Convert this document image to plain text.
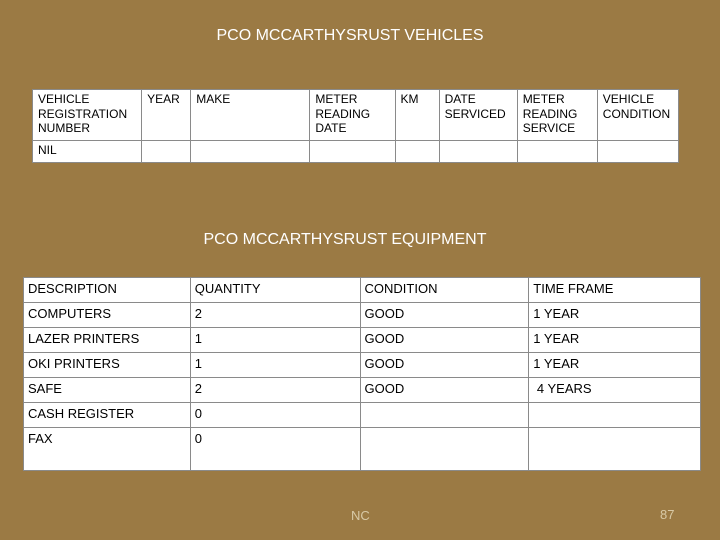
PCO MCCARTHYSRUST VEHICLES
VEHICLE REGISTRATION NUMBER	YEAR	MAKE	METER READING DATE	KM	DATE SERVICED	METER READING SERVICE	VEHICLE CONDITION
NIL							
PCO MCCARTHYSRUST EQUIPMENT
DESCRIPTION	QUANTITY	CONDITION	TIME FRAME
COMPUTERS	2	GOOD	1 YEAR
LAZER PRINTERS	1	GOOD	1 YEAR
OKI PRINTERS	1	GOOD	1 YEAR
SAFE	2	GOOD	4 YEARS
CASH REGISTER	0		
FAX	0		
NC	87
